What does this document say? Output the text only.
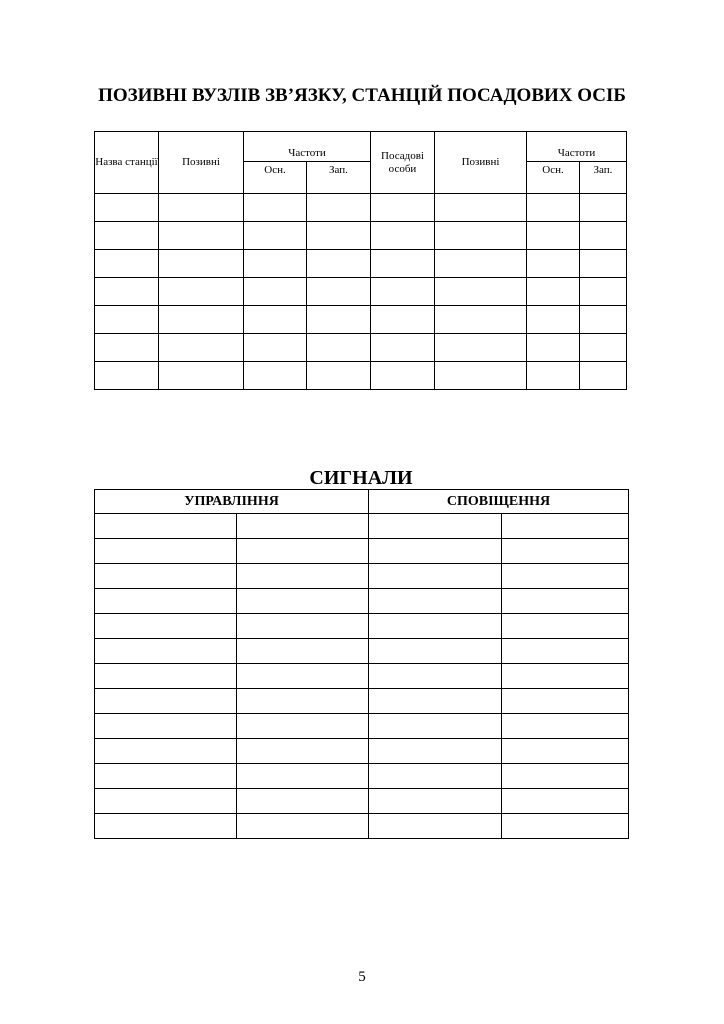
ПОЗИВНІ ВУЗЛІВ ЗВ’ЯЗКУ, СТАНЦІЙ ПОСАДОВИХ ОСІБ
Назва станції	Позивні	Частоти		Посадові особи	Позивні	Частоти	
		Осн.	Зап.			Осн.	Зап.

СИГНАЛИ
УПРАВЛІННЯ		СПОВІЩЕННЯ	

5
